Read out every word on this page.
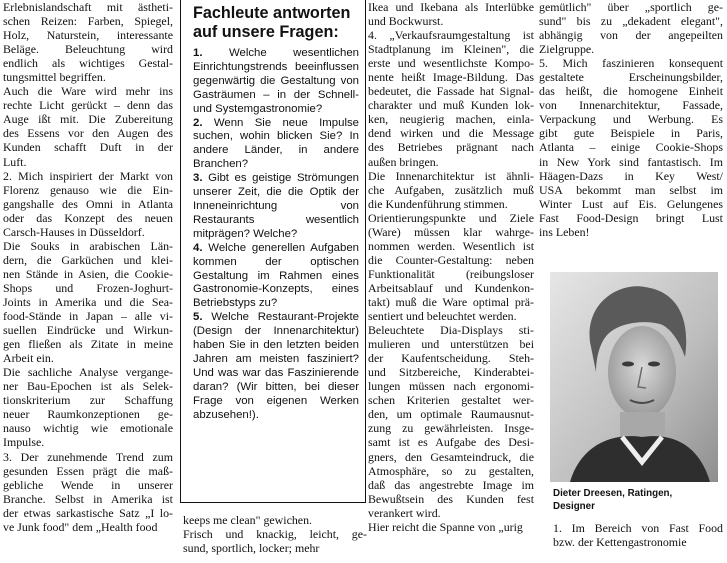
Erlebnislandschaft mit ästheti-
schen Reizen: Farben, Spiegel,
Holz, Naturstein, interessante
Beläge. Beleuchtung wird
endlich als wichtiges Gestal-
tungsmittel begriffen.
Auch die Ware wird mehr ins
rechte Licht gerückt – denn das
Auge ißt mit. Die Zubereitung
des Essens vor den Augen des
Kunden schafft Duft in der
Luft.
2. Mich inspiriert der Markt von
Florenz genauso wie die Ein-
gangshalle des Omni in Atlanta
oder das Konzept des neuen
Carsch-Hauses in Düsseldorf.
Die Souks in arabischen Län-
dern, die Garküchen und klei-
nen Stände in Asien, die Cookie-
Shops und Frozen-Joghurt-
Joints in Amerika und die Sea-
food-Stände in Japan – alle vi-
suellen Eindrücke und Wirkun-
gen fließen als Zitate in meine
Arbeit ein.
Die sachliche Analyse vergange-
ner Bau-Epochen ist als Selek-
tionskriterium zur Schaffung
neuer Raumkonzeptionen ge-
nauso wichtig wie emotionale
Impulse.
3. Der zunehmende Trend zum
gesunden Essen prägt die maß-
gebliche Wende in unserer
Branche. Selbst in Amerika ist
der etwas sarkastische Satz „I lo-
ve Junk food" dem „Health food
Fachleute antworten auf unsere Fragen:

1. Welche wesentlichen Einrichtungstrends beeinflussen gegenwärtig die Gestaltung von Gasträumen – in der Schnell- und Systemgastronomie?

2. Wenn Sie neue Impulse suchen, wohin blicken Sie? In andere Länder, in andere Branchen?

3. Gibt es geistige Strömungen unserer Zeit, die die Optik der Inneneinrichtung von Restaurants wesentlich mitprägen? Welche?

4. Welche generellen Aufgaben kommen der optischen Gestaltung im Rahmen eines Gastronomie-Konzepts, eines Betriebstyps zu?

5. Welche Restaurant-Projekte (Design der Innenarchitektur) haben Sie in den letzten beiden Jahren am meisten fasziniert? Und was war das Faszinierende daran? (Wir bitten, bei dieser Frage von eigenen Werken abzusehen!).

keeps me clean" gewichen.
Frisch und knackig, leicht, ge-
sund, sportlich, locker; mehr
Ikea und Ikebana als Interlübke
und Bockwurst.
4. „Verkaufsraumgestaltung ist
Stadtplanung im Kleinen", die
erste und wesentlichste Kompo-
nente heißt Image-Bildung. Das
bedeutet, die Fassade hat Signal-
charakter und muß Kunden lok-
ken, neugierig machen, einla-
dend wirken und die Message
des Betriebes prägnant nach
außen bringen.
Die Innenarchitektur ist ähnli-
che Aufgaben, zusätzlich muß
die Kundenführung stimmen.
Orientierungspunkte und Ziele
(Ware) müssen klar wahrge-
nommen werden. Wesentlich ist
die Counter-Gestaltung: neben
Funktionalität (reibungsloser
Arbeitsablauf und Kundenkon-
takt) muß die Ware optimal prä-
sentiert und beleuchtet werden.
Beleuchtete Dia-Displays sti-
mulieren und unterstützen bei
der Kaufentscheidung. Steh-
und Sitzbereiche, Kinderabtei-
lungen müssen nach ergonomi-
schen Kriterien gestaltet wer-
den, um optimale Raumausnut-
zung zu gewährleisten. Insge-
samt ist es Aufgabe des Desi-
gners, den Gesamteindruck, die
Atmosphäre, so zu gestalten,
daß das angestrebte Image im
Bewußtsein des Kunden fest
verankert wird.
Hier reicht die Spanne von „urig
gemütlich" über „sportlich ge-
sund" bis zu „dekadent elegant",
abhängig von der angepeilten
Zielgruppe.
5. Mich faszinieren konsequent
gestaltete Erscheinungsbilder,
das heißt, die homogene Einheit
von Innenarchitektur, Fassade,
Verpackung und Werbung. Es
gibt gute Beispiele in Paris,
Atlanta – einige Cookie-Shops
in New York sind fantastisch. Im
Häagen-Dazs in Key West/
USA bekommt man selbst im
Winter Lust auf Eis. Gelungenes
Fast Food-Design bringt Lust
ins Leben!
Dieter Dreesen, Ratingen,
Designer
1. Im Bereich von Fast Food
bzw. der Kettengastronomie
